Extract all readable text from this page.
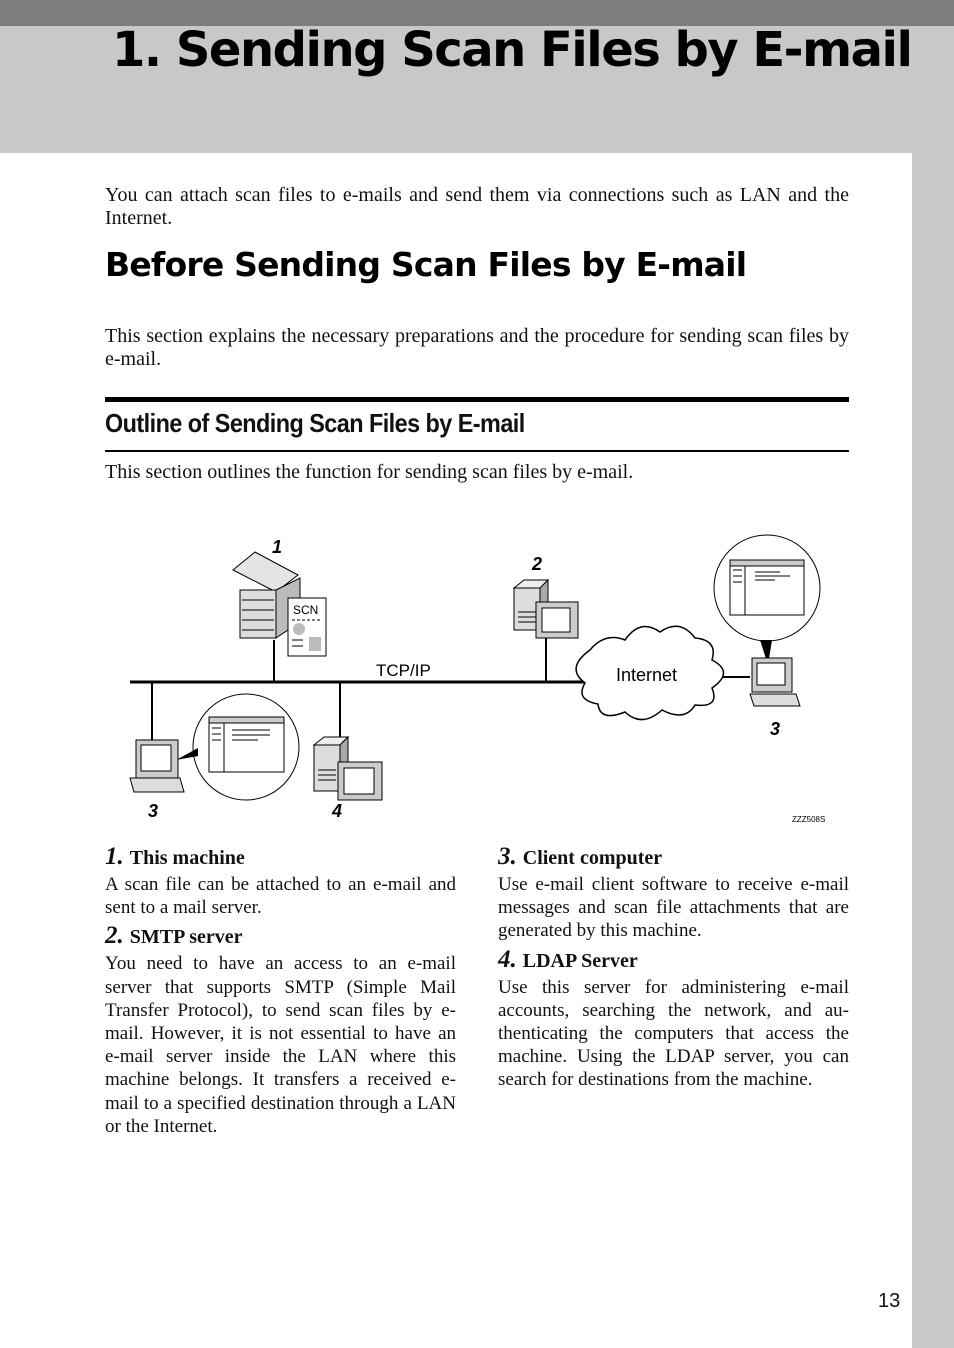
1. Sending Scan Files by E-mail

You can attach scan files to e-mails and send them via connections such as LAN and the Internet.

Before Sending Scan Files by E-mail

This section explains the necessary preparations and the procedure for sending scan files by e-mail.

Outline of Sending Scan Files by E-mail

This section outlines the function for sending scan files by e-mail.

TCP/IP	Internet
SCN
1
2
3
3	4	ZZZ508S

1. This machine

A scan file can be attached to an e-mail and sent to a mail server.

2. SMTP server

You need to have an access to an e-mail server that supports SMTP (Simple Mail Transfer Protocol), to send scan files by e-mail. However, it is not essential to have an e-mail server inside the LAN where this machine belongs. It transfers a received e-mail to a specified destination through a LAN or the Internet.

3. Client computer

Use e-mail client software to receive e-mail messages and scan file attachments that are generated by this machine.

4. LDAP Server

Use this server for administering e-mail accounts, searching the network, and authenticating the computers that access the machine. Using the LDAP server, you can search for destinations from the machine.

13
